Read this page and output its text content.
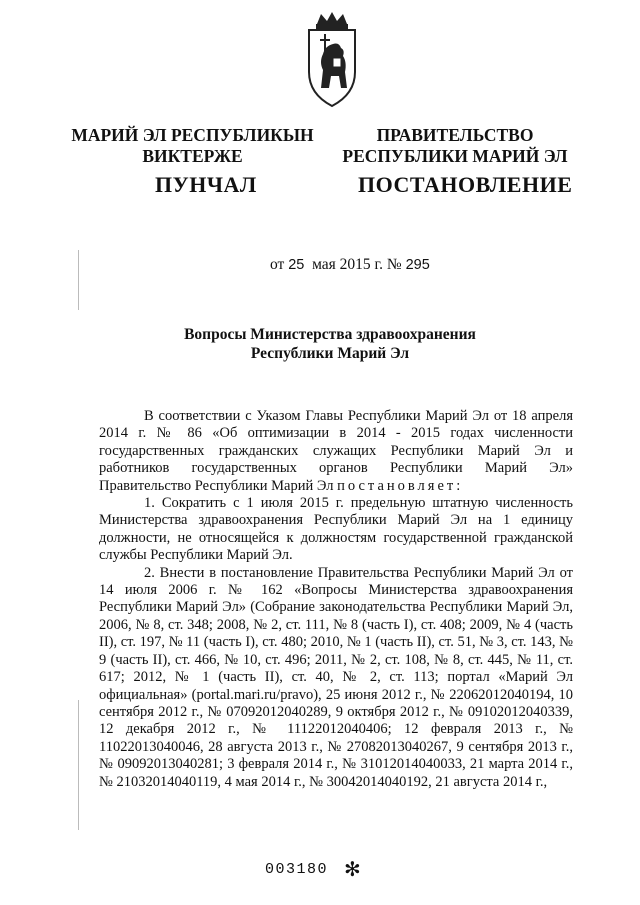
МАРИЙ ЭЛ РЕСПУБЛИКЫН
ВИКТЕРЖЕ
ПРАВИТЕЛЬСТВО
РЕСПУБЛИКИ МАРИЙ ЭЛ
ПУНЧАЛ	ПОСТАНОВЛЕНИЕ
от 25 мая 2015 г. № 295
Вопросы Министерства здравоохранения
Республики Марий Эл

В соответствии с Указом Главы Республики Марий Эл от 18 апреля 2014 г. № 86 «Об оптимизации в 2014 - 2015 годах численности государственных гражданских служащих Республики Марий Эл и работников государственных органов Республики Марий Эл» Правительство Республики Марий Эл постановляет:

1. Сократить с 1 июля 2015 г. предельную штатную численность Министерства здравоохранения Республики Марий Эл на 1 единицу должности, не относящейся к должностям государственной гражданской службы Республики Марий Эл.

2. Внести в постановление Правительства Республики Марий Эл от 14 июля 2006 г. № 162 «Вопросы Министерства здравоохранения Республики Марий Эл» (Собрание законодательства Республики Марий Эл, 2006, № 8, ст. 348; 2008, № 2, ст. 111, № 8 (часть I), ст. 408; 2009, № 4 (часть II), ст. 197, № 11 (часть I), ст. 480; 2010, № 1 (часть II), ст. 51, № 3, ст. 143, № 9 (часть II), ст. 466, № 10, ст. 496; 2011, № 2, ст. 108, № 8, ст. 445, № 11, ст. 617; 2012, № 1 (часть II), ст. 40, № 2, ст. 113; портал «Марий Эл официальная» (portal.mari.ru/pravo), 25 июня 2012 г., № 22062012040194, 10 сентября 2012 г., № 07092012040289, 9 октября 2012 г., № 09102012040339, 12 декабря 2012 г., № 11122012040406; 12 февраля 2013 г., № 11022013040046, 28 августа 2013 г., № 27082013040267, 9 сентября 2013 г., № 09092013040281; 3 февраля 2014 г., № 31012014040033, 21 марта 2014 г., № 21032014040119, 4 мая 2014 г., № 30042014040192, 21 августа 2014 г.,

003180 ✻
